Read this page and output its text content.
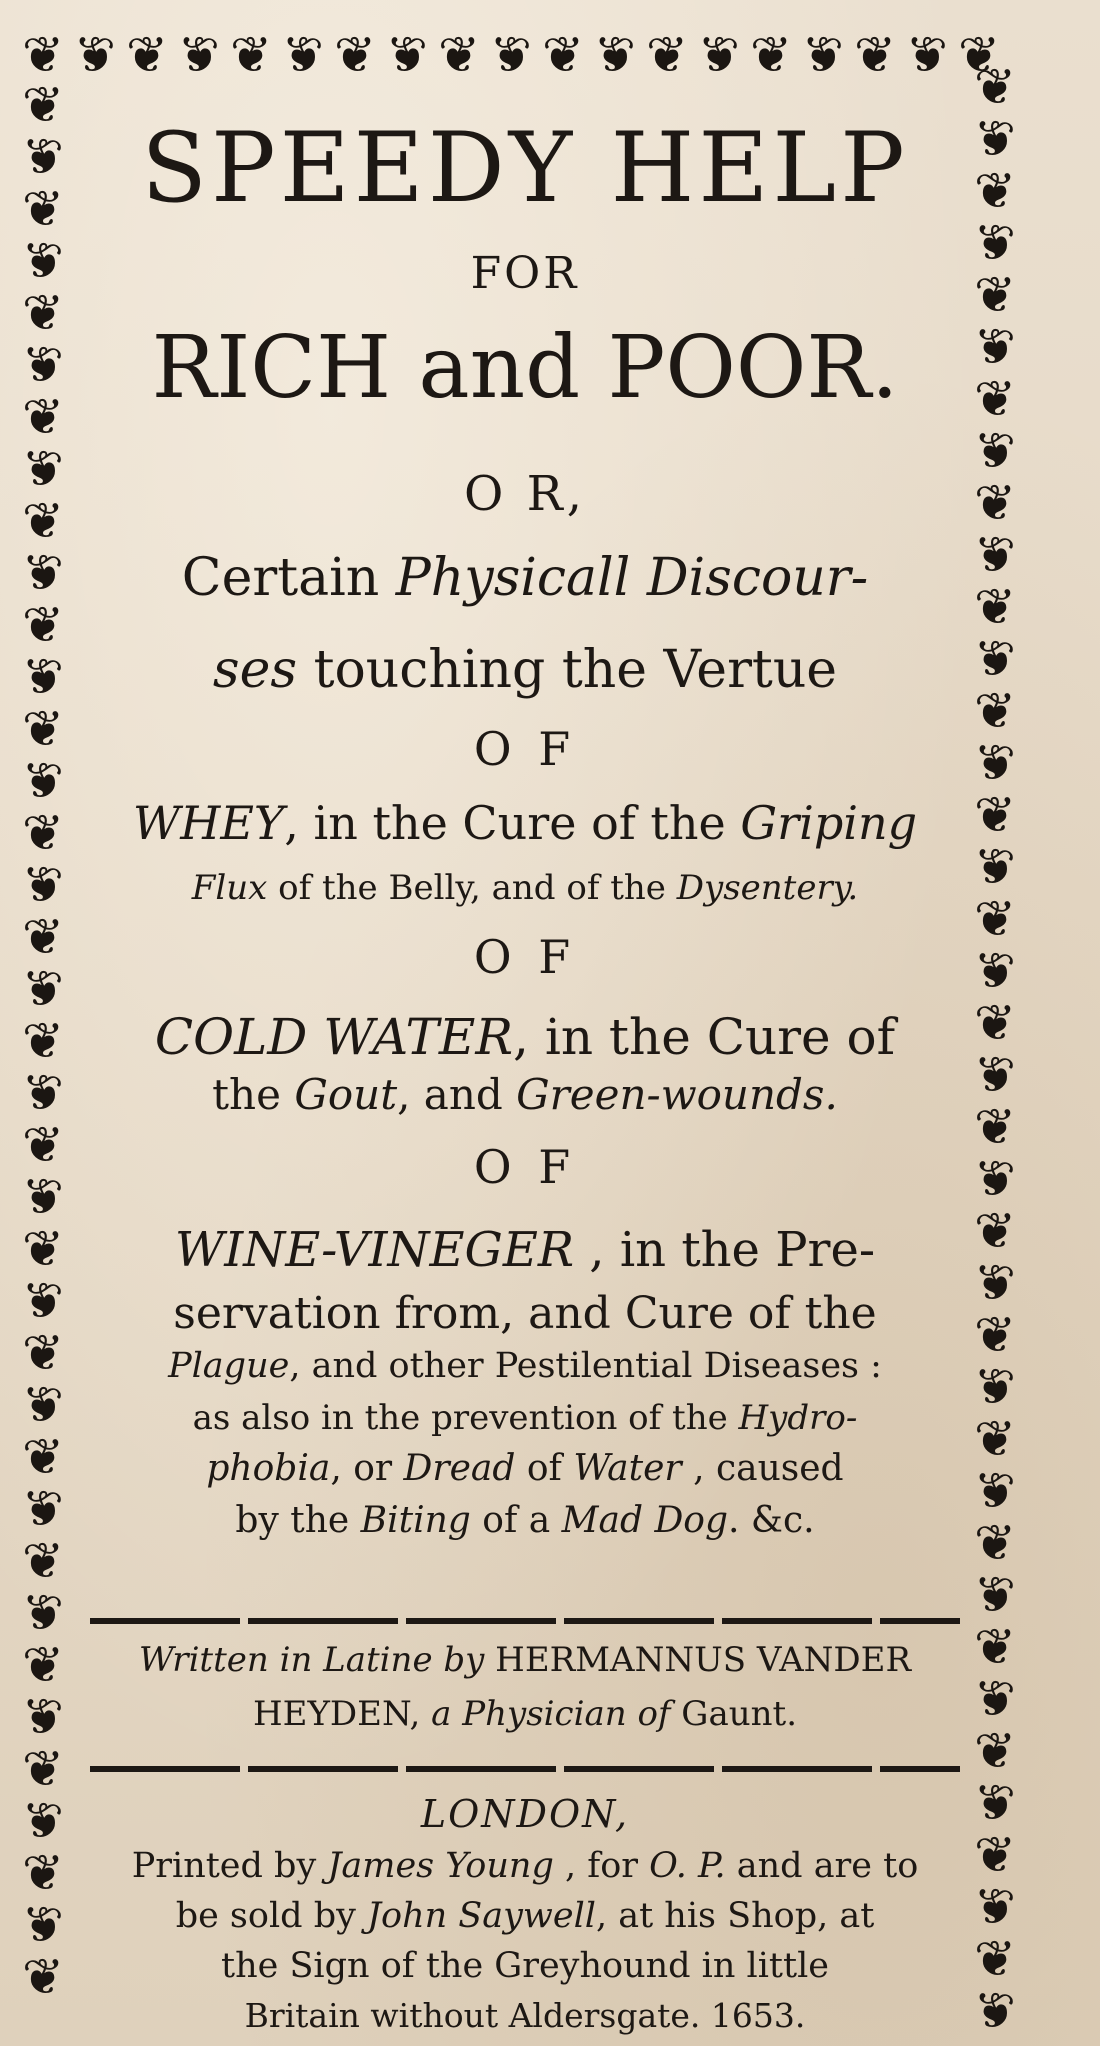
❦ ❦ ❦ ❦ ❦ ❦ ❦ ❦ ❦ ❦ ❦ ❦ ❦ ❦ ❦ ❦ ❦ ❦ ❦
❦
❦
❦
❦
❦
❦
❦
❦
❦
❦
❦
❦
❦
❦
❦
❦
❦
❦
❦
❦
❦
❦
❦
❦
❦
❦
❦
❦
❦
❦
❦
❦
❦
❦
❦
❦
❦
❦
❦
❦
❦
❦
❦
❦
❦
❦
❦
❦
❦
❦
❦
❦
❦
❦
❦
❦
❦
❦
❦
❦
❦
❦
❦
❦
❦
❦
❦
❦
❦
❦
❦
❦
❦
❦
❦
SPEEDY HELP
FOR
RICH and POOR.
O R,
Certain Physicall Discour-
ses touching the Vertue
O F
WHEY, in the Cure of the Griping
Flux of the Belly, and of the Dysentery.
O F
COLD WATER, in the Cure of
the Gout, and Green-wounds.
O F
WINE-VINEGER , in the Pre-
servation from, and Cure of the
Plague, and other Pestilential Diseases :
as also in the prevention of the Hydro-
phobia, or Dread of Water , caused
by the Biting of a Mad Dog. &c.
Written in Latine by HERMANNUS VANDER
HEYDEN, a Physician of Gaunt.
LONDON,
Printed by James Young , for O. P. and are to
be sold by John Saywell, at his Shop, at
the Sign of the Greyhound in little
Britain without Aldersgate. 1653.
